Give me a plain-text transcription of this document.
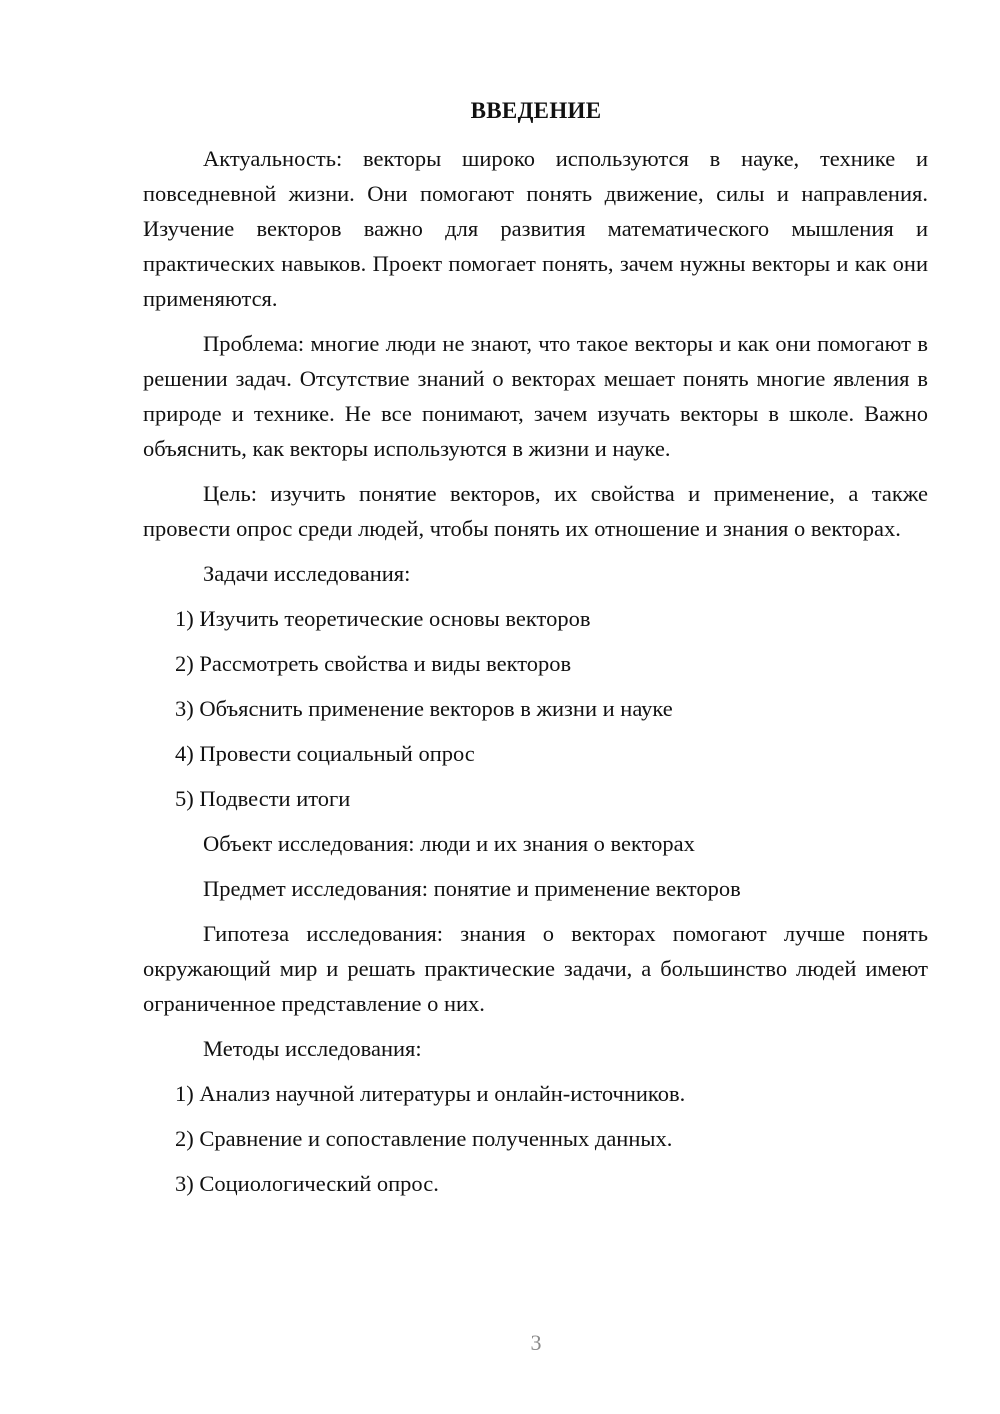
ВВЕДЕНИЕ

Актуальность: векторы широко используются в науке, технике и повседневной жизни. Они помогают понять движение, силы и направления. Изучение векторов важно для развития математического мышления и практических навыков. Проект помогает понять, зачем нужны векторы и как они применяются.

Проблема: многие люди не знают, что такое векторы и как они помогают в решении задач. Отсутствие знаний о векторах мешает понять многие явления в природе и технике. Не все понимают, зачем изучать векторы в школе. Важно объяснить, как векторы используются в жизни и науке.

Цель: изучить понятие векторов, их свойства и применение, а также провести опрос среди людей, чтобы понять их отношение и знания о векторах.

Задачи исследования:

1) Изучить теоретические основы векторов

2) Рассмотреть свойства и виды векторов

3) Объяснить применение векторов в жизни и науке

4) Провести социальный опрос

5) Подвести итоги

Объект исследования: люди и их знания о векторах

Предмет исследования: понятие и применение векторов

Гипотеза исследования: знания о векторах помогают лучше понять окружающий мир и решать практические задачи, а большинство людей имеют ограниченное представление о них.

Методы исследования:

1) Анализ научной литературы и онлайн-источников.

2) Сравнение и сопоставление полученных данных.

3) Социологический опрос.

3
